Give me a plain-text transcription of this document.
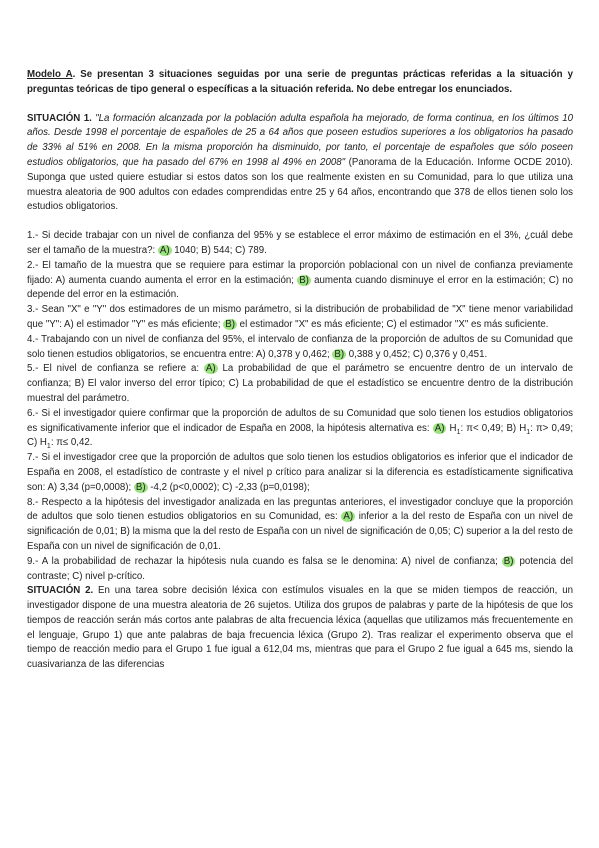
Modelo A. Se presentan 3 situaciones seguidas por una serie de preguntas prácticas referidas a la situación y preguntas teóricas de tipo general o específicas a la situación referida. No debe entregar los enunciados.

SITUACIÓN 1. "La formación alcanzada por la población adulta española ha mejorado, de forma continua, en los últimos 10 años. Desde 1998 el porcentaje de españoles de 25 a 64 años que poseen estudios superiores a los obligatorios ha pasado de 33% al 51% en 2008. En la misma proporción ha disminuido, por tanto, el porcentaje de españoles que sólo poseen estudios obligatorios, que ha pasado del 67% en 1998 al 49% en 2008" (Panorama de la Educación. Informe OCDE 2010). Suponga que usted quiere estudiar si estos datos son los que realmente existen en su Comunidad, para lo que utiliza una muestra aleatoria de 900 adultos con edades comprendidas entre 25 y 64 años, encontrando que 378 de ellos tienen solo los estudios obligatorios.

1.- Si decide trabajar con un nivel de confianza del 95% y se establece el error máximo de estimación en el 3%, ¿cuál debe ser el tamaño de la muestra?: A) 1040; B) 544; C) 789.

2.- El tamaño de la muestra que se requiere para estimar la proporción poblacional con un nivel de confianza previamente fijado: A) aumenta cuando aumenta el error en la estimación; B) aumenta cuando disminuye el error en la estimación; C) no depende del error en la estimación.

3.- Sean "X" e "Y" dos estimadores de un mismo parámetro, si la distribución de probabilidad de "X" tiene menor variabilidad que "Y": A) el estimador "Y" es más eficiente; B) el estimador "X" es más eficiente; C) el estimador "X" es más suficiente.

4.- Trabajando con un nivel de confianza del 95%, el intervalo de confianza de la proporción de adultos de su Comunidad que solo tienen estudios obligatorios, se encuentra entre: A) 0,378 y 0,462; B) 0,388 y 0,452; C) 0,376 y 0,451.

5.- El nivel de confianza se refiere a: A) La probabilidad de que el parámetro se encuentre dentro de un intervalo de confianza; B) El valor inverso del error típico; C) La probabilidad de que el estadístico se encuentre dentro de la distribución muestral del parámetro.

6.- Si el investigador quiere confirmar que la proporción de adultos de su Comunidad que solo tienen los estudios obligatorios es significativamente inferior que el indicador de España en 2008, la hipótesis alternativa es: A) $H_1$: π< 0,49; B) $H_1$: π> 0,49; C) $H_1$: π≤ 0,42.

7.- Si el investigador cree que la proporción de adultos que solo tienen los estudios obligatorios es inferior que el indicador de España en 2008, el estadístico de contraste y el nivel p crítico para analizar si la diferencia es estadísticamente significativa son: A) 3,34 (p=0,0008); B) -4,2 (p<0,0002); C) -2,33 (p=0,0198);

8.- Respecto a la hipótesis del investigador analizada en las preguntas anteriores, el investigador concluye que la proporción de adultos que solo tienen estudios obligatorios en su Comunidad, es: A) inferior a la del resto de España con un nivel de significación de 0,01; B) la misma que la del resto de España con un nivel de significación de 0,05; C) superior a la del resto de España con un nivel de significación de 0,01.

9.- A la probabilidad de rechazar la hipótesis nula cuando es falsa se le denomina: A) nivel de confianza; B) potencia del contraste; C) nivel p-crítico.

SITUACIÓN 2. En una tarea sobre decisión léxica con estímulos visuales en la que se miden tiempos de reacción, un investigador dispone de una muestra aleatoria de 26 sujetos. Utiliza dos grupos de palabras y parte de la hipótesis de que los tiempos de reacción serán más cortos ante palabras de alta frecuencia léxica (aquellas que utilizamos más frecuentemente en el lenguaje, Grupo 1) que ante palabras de baja frecuencia léxica (Grupo 2). Tras realizar el experimento observa que el tiempo de reacción medio para el Grupo 1 fue igual a 612,04 ms, mientras que para el Grupo 2 fue igual a 645 ms, siendo la cuasivarianza de las diferencias
